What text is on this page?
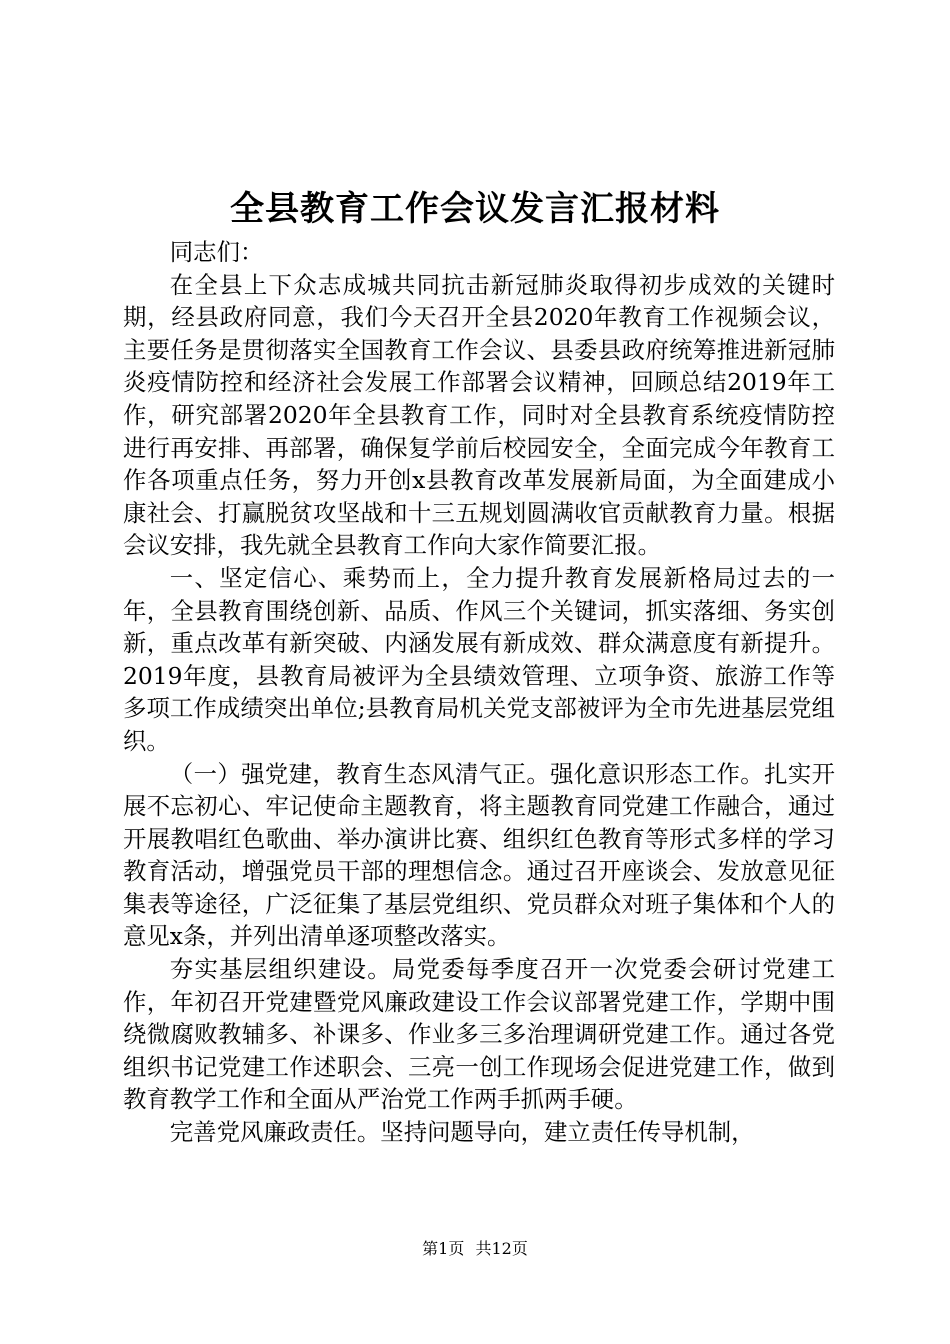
全县教育工作会议发言汇报材料

同志们：

在全县上下众志成城共同抗击新冠肺炎取得初步成效的关键时期，经县政府同意，我们今天召开全县2020年教育工作视频会议，主要任务是贯彻落实全国教育工作会议、县委县政府统筹推进新冠肺炎疫情防控和经济社会发展工作部署会议精神，回顾总结2019年工作，研究部署2020年全县教育工作，同时对全县教育系统疫情防控进行再安排、再部署，确保复学前后校园安全，全面完成今年教育工作各项重点任务，努力开创x县教育改革发展新局面，为全面建成小康社会、打赢脱贫攻坚战和十三五规划圆满收官贡献教育力量。根据会议安排，我先就全县教育工作向大家作简要汇报。

一、坚定信心、乘势而上，全力提升教育发展新格局过去的一年，全县教育围绕创新、品质、作风三个关键词，抓实落细、务实创新，重点改革有新突破、内涵发展有新成效、群众满意度有新提升。2019年度，县教育局被评为全县绩效管理、立项争资、旅游工作等多项工作成绩突出单位;县教育局机关党支部被评为全市先进基层党组织。

（一）强党建，教育生态风清气正。强化意识形态工作。扎实开展不忘初心、牢记使命主题教育，将主题教育同党建工作融合，通过开展教唱红色歌曲、举办演讲比赛、组织红色教育等形式多样的学习教育活动，增强党员干部的理想信念。通过召开座谈会、发放意见征集表等途径，广泛征集了基层党组织、党员群众对班子集体和个人的意见x条，并列出清单逐项整改落实。

夯实基层组织建设。局党委每季度召开一次党委会研讨党建工作，年初召开党建暨党风廉政建设工作会议部署党建工作，学期中围绕微腐败教辅多、补课多、作业多三多治理调研党建工作。通过各党组织书记党建工作述职会、三亮一创工作现场会促进党建工作，做到教育教学工作和全面从严治党工作两手抓两手硬。

完善党风廉政责任。坚持问题导向，建立责任传导机制，

第1页 共12页
